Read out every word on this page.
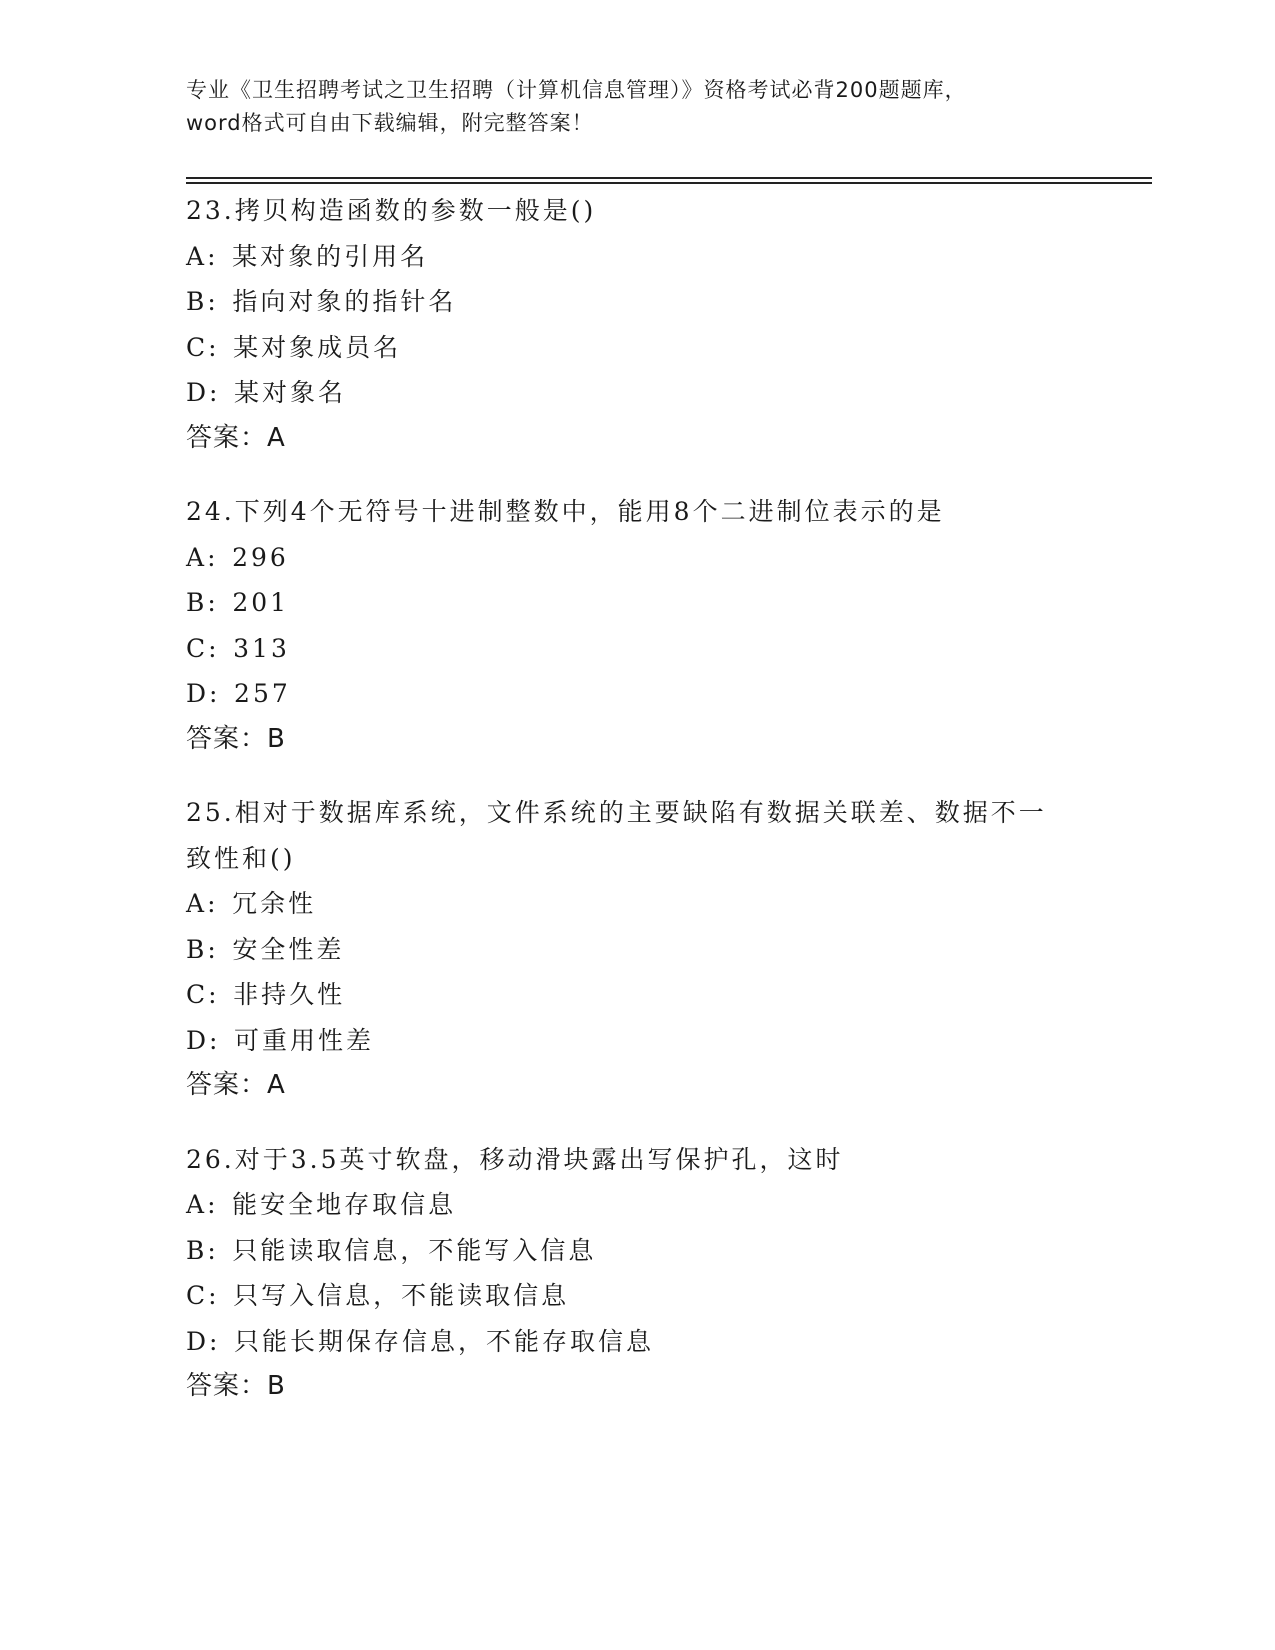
专业《卫生招聘考试之卫生招聘（计算机信息管理）》资格考试必背200题题库，
word格式可自由下载编辑，附完整答案！
23.拷贝构造函数的参数一般是()
A: 某对象的引用名
B: 指向对象的指针名
C: 某对象成员名
D: 某对象名
答案：A
24.下列4个无符号十进制整数中，能用8个二进制位表示的是
A: 296
B: 201
C: 313
D: 257
答案：B
25.相对于数据库系统，文件系统的主要缺陷有数据关联差、数据不一
致性和()
A: 冗余性
B: 安全性差
C: 非持久性
D: 可重用性差
答案：A
26.对于3.5英寸软盘，移动滑块露出写保护孔，这时
A: 能安全地存取信息
B: 只能读取信息，不能写入信息
C: 只写入信息，不能读取信息
D: 只能长期保存信息，不能存取信息
答案：B
